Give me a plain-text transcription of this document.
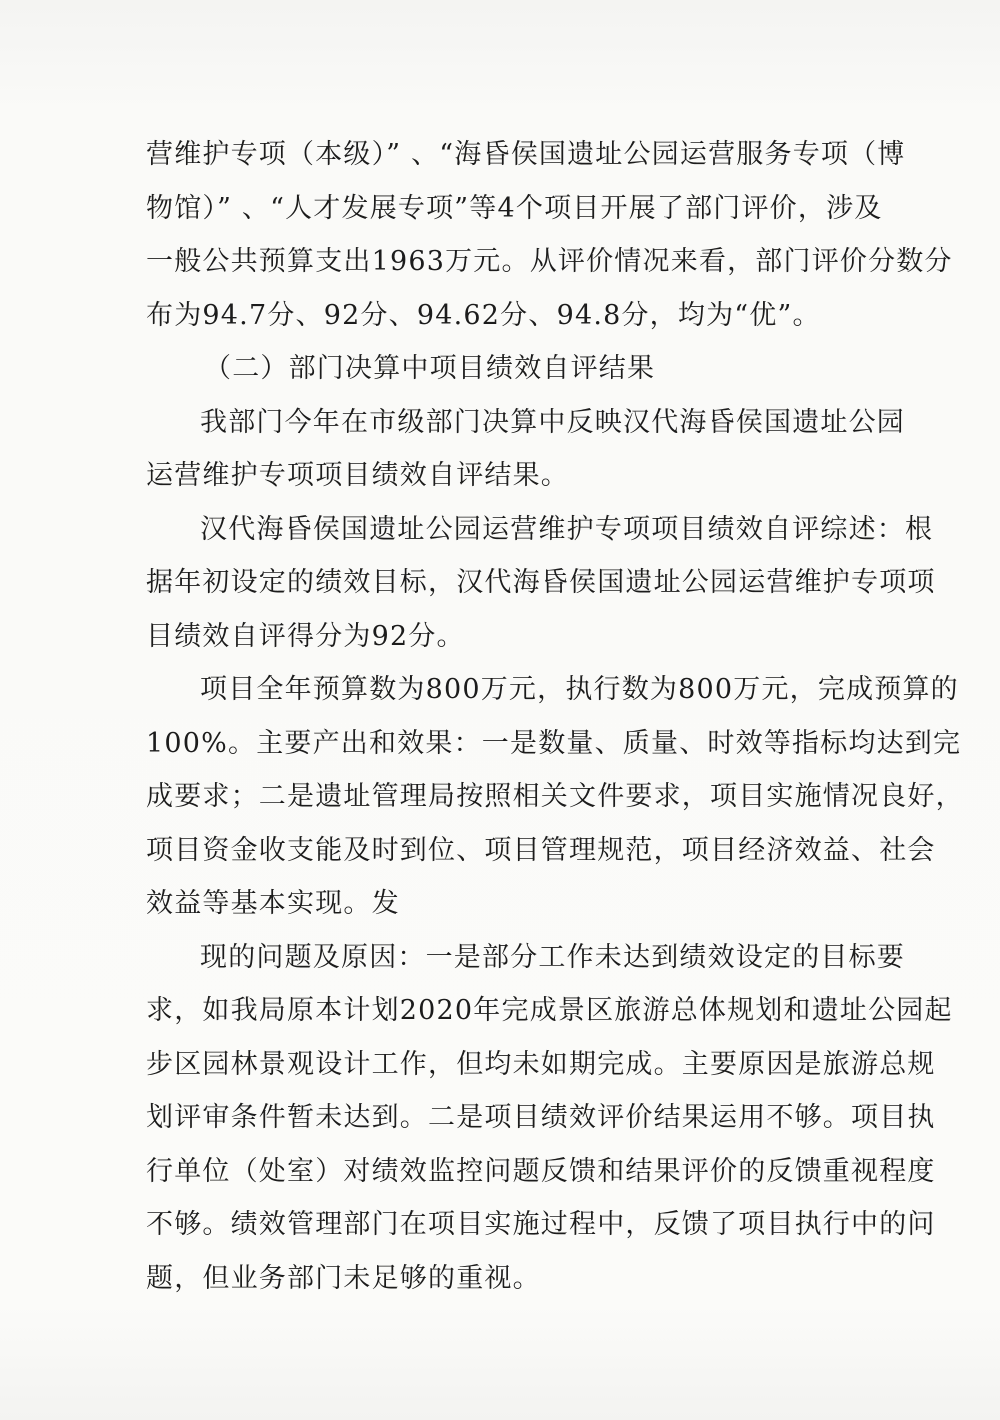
营维护专项（本级）” 、“海昏侯国遗址公园运营服务专项（博
物馆）” 、“人才发展专项”等4个项目开展了部门评价，涉及
一般公共预算支出1963万元。从评价情况来看，部门评价分数分
布为94.7分、92分、94.62分、94.8分，均为“优”。
（二）部门决算中项目绩效自评结果
我部门今年在市级部门决算中反映汉代海昏侯国遗址公园
运营维护专项项目绩效自评结果。
汉代海昏侯国遗址公园运营维护专项项目绩效自评综述：根
据年初设定的绩效目标，汉代海昏侯国遗址公园运营维护专项项
目绩效自评得分为92分。
项目全年预算数为800万元，执行数为800万元，完成预算的
100%。主要产出和效果：一是数量、质量、时效等指标均达到完
成要求；二是遗址管理局按照相关文件要求，项目实施情况良好，
项目资金收支能及时到位、项目管理规范，项目经济效益、社会
效益等基本实现。发
现的问题及原因：一是部分工作未达到绩效设定的目标要
求，如我局原本计划2020年完成景区旅游总体规划和遗址公园起
步区园林景观设计工作，但均未如期完成。主要原因是旅游总规
划评审条件暂未达到。二是项目绩效评价结果运用不够。项目执
行单位（处室）对绩效监控问题反馈和结果评价的反馈重视程度
不够。绩效管理部门在项目实施过程中，反馈了项目执行中的问
题，但业务部门未足够的重视。
